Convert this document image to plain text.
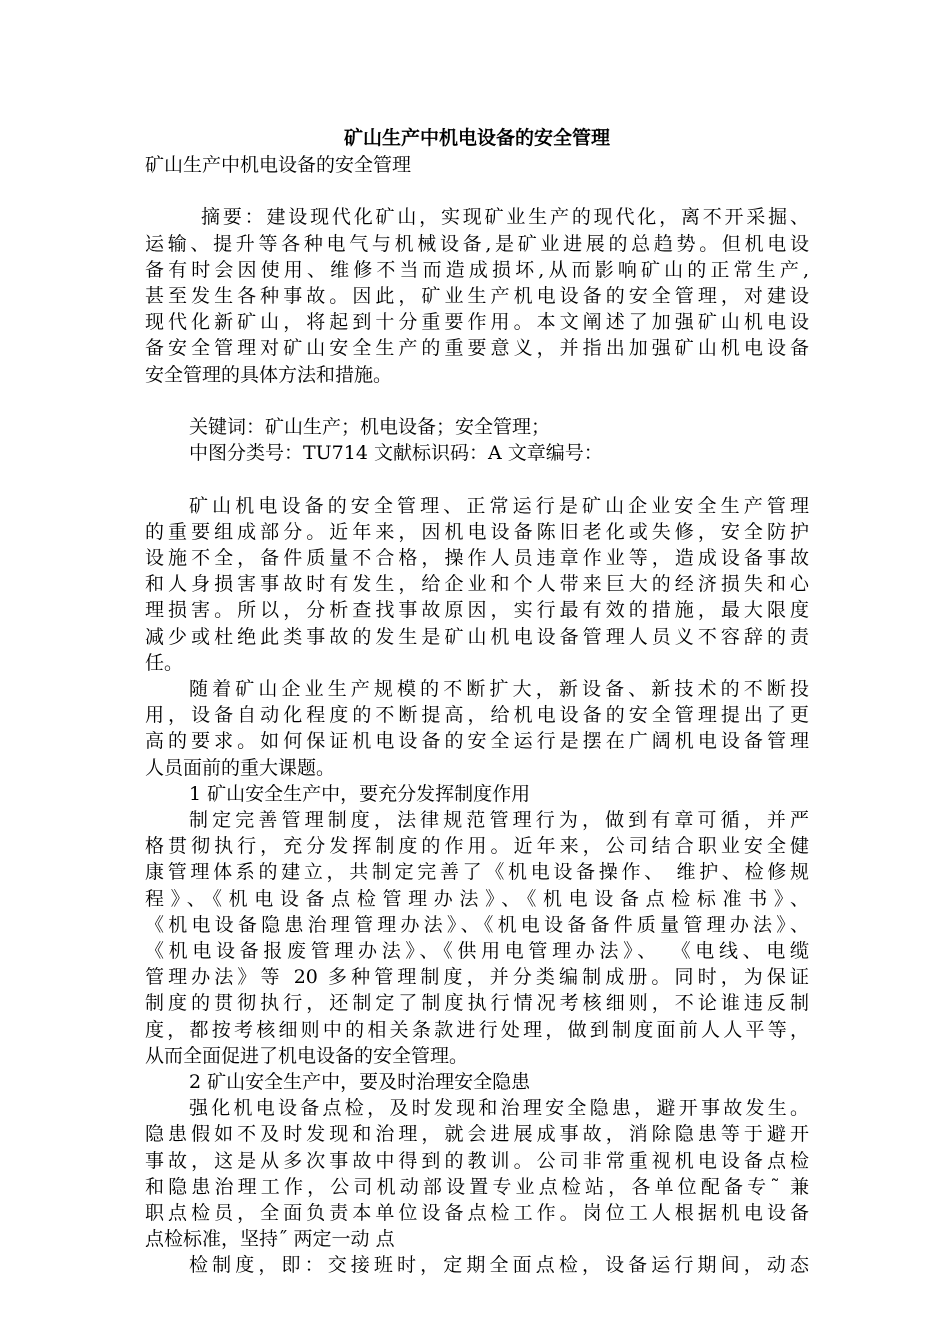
矿山生产中机电设备的安全管理

矿山生产中机电设备的安全管理

摘要：建设现代化矿山，实现矿业生产的现代化，离不开采掘、

运输、提升等各种电气与机械设备,是矿业进展的总趋势。但机电设

备有时会因使用、维修不当而造成损坏,从而影响矿山的正常生产,

甚至发生各种事故。因此，矿业生产机电设备的安全管理，对建设

现代化新矿山，将起到十分重要作用。本文阐述了加强矿山机电设

备安全管理对矿山安全生产的重要意义，并指出加强矿山机电设备

安全管理的具体方法和措施。

关键词：矿山生产；机电设备；安全管理；

中图分类号：TU714 文献标识码：A 文章编号：

矿山机电设备的安全管理、正常运行是矿山企业安全生产管理

的重要组成部分。近年来，因机电设备陈旧老化或失修，安全防护

设施不全，备件质量不合格，操作人员违章作业等，造成设备事故

和人身损害事故时有发生，给企业和个人带来巨大的经济损失和心

理损害。所以，分析查找事故原因，实行最有效的措施，最大限度

减少或杜绝此类事故的发生是矿山机电设备管理人员义不容辞的责

任。

随着矿山企业生产规模的不断扩大，新设备、新技术的不断投

用，设备自动化程度的不断提高，给机电设备的安全管理提出了更

高的要求。如何保证机电设备的安全运行是摆在广阔机电设备管理

人员面前的重大课题。

1 矿山安全生产中，要充分发挥制度作用

制定完善管理制度，法律规范管理行为，做到有章可循，并严

格贯彻执行，充分发挥制度的作用。近年来，公司结合职业安全健

康管理体系的建立，共制定完善了《机电设备操作、 维护、检修规

程》、《机电设备点检管理办法》、《机电设备点检标准书》、

《机电设备隐患治理管理办法》、《机电设备备件质量管理办法》、

《机电设备报废管理办法》、《供用电管理办法》、 《电线、电缆

管理办法》等 20 多种管理制度，并分类编制成册。同时，为保证

制度的贯彻执行，还制定了制度执行情况考核细则，不论谁违反制

度，都按考核细则中的相关条款进行处理，做到制度面前人人平等，

从而全面促进了机电设备的安全管理。

2 矿山安全生产中，要及时治理安全隐患

强化机电设备点检，及时发现和治理安全隐患，避开事故发生。

隐患假如不及时发现和治理，就会进展成事故，消除隐患等于避开

事故，这是从多次事故中得到的教训。公司非常重视机电设备点检

和隐患治理工作，公司机动部设置专业点检站，各单位配备专˜ 兼

职点检员，全面负责本单位设备点检工作。岗位工人根据机电设备

点检标准，坚持˝ 两定一动 点

检制度，即：交接班时，定期全面点检，设备运行期间，动态
